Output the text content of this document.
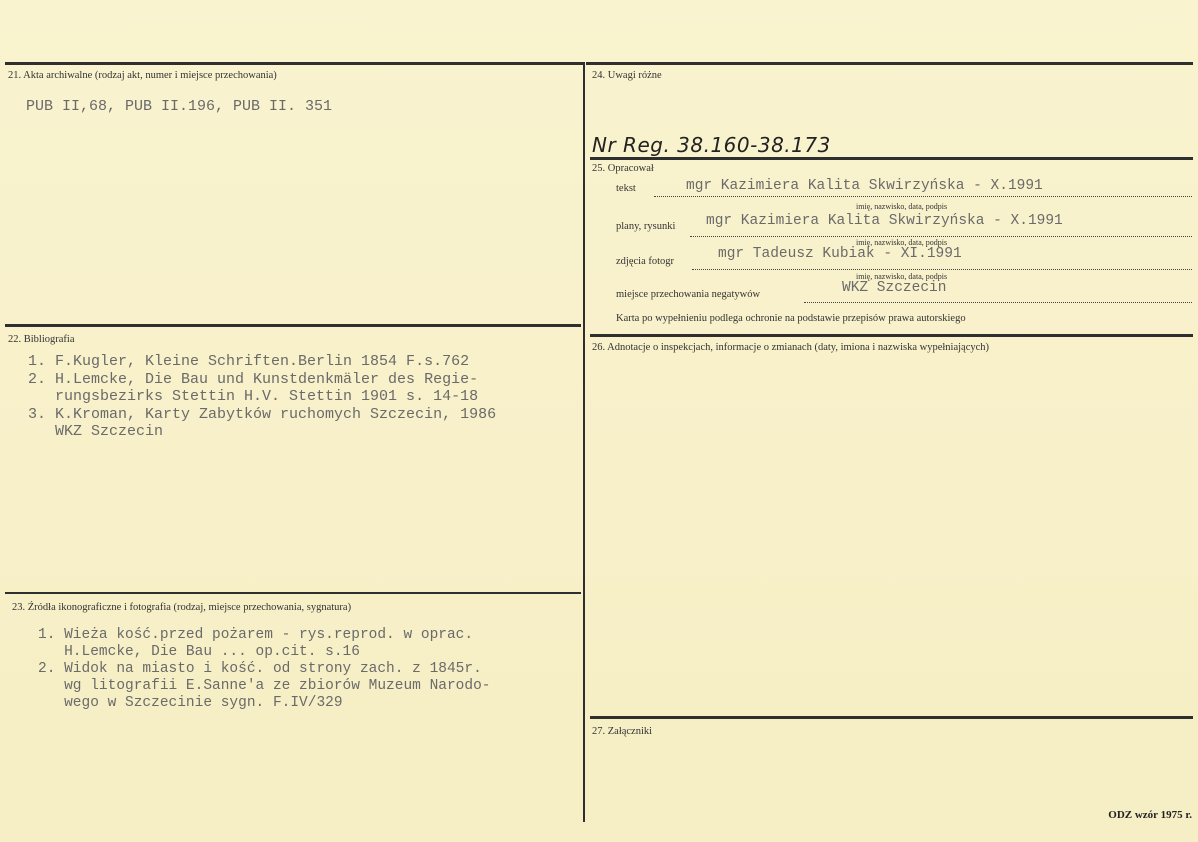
21. Akta archiwalne (rodzaj akt, numer i miejsce przechowania)
PUB II,68, PUB II.196, PUB II. 351
22. Bibliografia
1. F.Kugler, Kleine Schriften.Berlin 1854 F.s.762
2. H.Lemcke, Die Bau und Kunstdenkmäler des Regie-
rungsbezirks Stettin H.V. Stettin 1901 s. 14-18
3. K.Kroman, Karty Zabytków ruchomych Szczecin, 1986
WKZ Szczecin
23. Źródła ikonograficzne i fotografia (rodzaj, miejsce przechowania, sygnatura)
1. Wieża kość.przed pożarem - rys.reprod. w oprac.
H.Lemcke, Die Bau ... op.cit. s.16
2. Widok na miasto i kość. od strony zach. z 1845r.
wg litografii E.Sanne'a ze zbiorów Muzeum Narodo-
wego w Szczecinie sygn. F.IV/329
24. Uwagi różne
Nr Reg. 38.160-38.173
25. Opracował
tekst	mgr Kazimiera Kalita Skwirzyńska - X.1991
imię, nazwisko, data, podpis
plany, rysunki mgr Kazimiera Kalita Skwirzyńska - X.1991
imię, nazwisko, data, podpis
zdjęcia fotogr	mgr Tadeusz Kubiak - XI.1991
imię, nazwisko, data, podpis
miejsce przechowania negatywów	WKZ Szczecin
Karta po wypełnieniu podlega ochronie na podstawie przepisów prawa autorskiego
26. Adnotacje o inspekcjach, informacje o zmianach (daty, imiona i nazwiska wypełniających)
27. Załączniki
ODZ wzór 1975 r.
